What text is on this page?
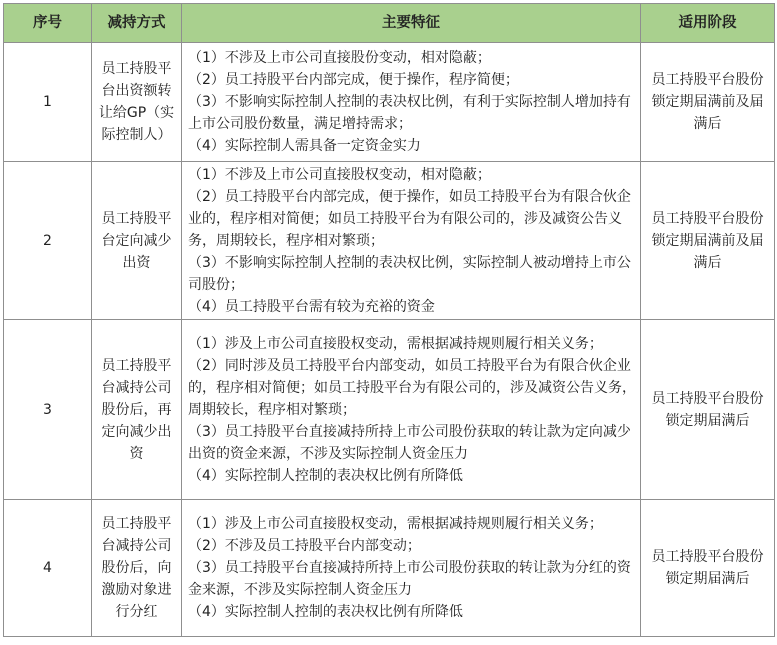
序号	减持方式	主要特征	适用阶段
1	员工持股平台出资额转让给GP（实际控制人）	（1）不涉及上市公司直接股份变动，相对隐蔽；
（2）员工持股平台内部完成，便于操作，程序简便；
（3）不影响实际控制人控制的表决权比例，有利于实际控制人增加持有上市公司股份数量，满足增持需求；
（4）实际控制人需具备一定资金实力	员工持股平台股份锁定期届满前及届满后
2	员工持股平台定向减少出资	（1）不涉及上市公司直接股权变动，相对隐蔽；
（2）员工持股平台内部完成，便于操作，如员工持股平台为有限合伙企业的，程序相对简便；如员工持股平台为有限公司的，涉及减资公告义务，周期较长，程序相对繁琐；
（3）不影响实际控制人控制的表决权比例，实际控制人被动增持上市公司股份；
（4）员工持股平台需有较为充裕的资金	员工持股平台股份锁定期届满前及届满后
3	员工持股平台减持公司股份后，再定向减少出资	（1）涉及上市公司直接股权变动，需根据减持规则履行相关义务；
（2）同时涉及员工持股平台内部变动，如员工持股平台为有限合伙企业的，程序相对简便；如员工持股平台为有限公司的，涉及减资公告义务，周期较长，程序相对繁琐；
（3）员工持股平台直接减持所持上市公司股份获取的转让款为定向减少出资的资金来源，不涉及实际控制人资金压力
（4）实际控制人控制的表决权比例有所降低	员工持股平台股份锁定期届满后
4	员工持股平台减持公司股份后，向激励对象进行分红	（1）涉及上市公司直接股权变动，需根据减持规则履行相关义务；
（2）不涉及员工持股平台内部变动；
（3）员工持股平台直接减持所持上市公司股份获取的转让款为分红的资金来源，不涉及实际控制人资金压力
（4）实际控制人控制的表决权比例有所降低	员工持股平台股份锁定期届满后
